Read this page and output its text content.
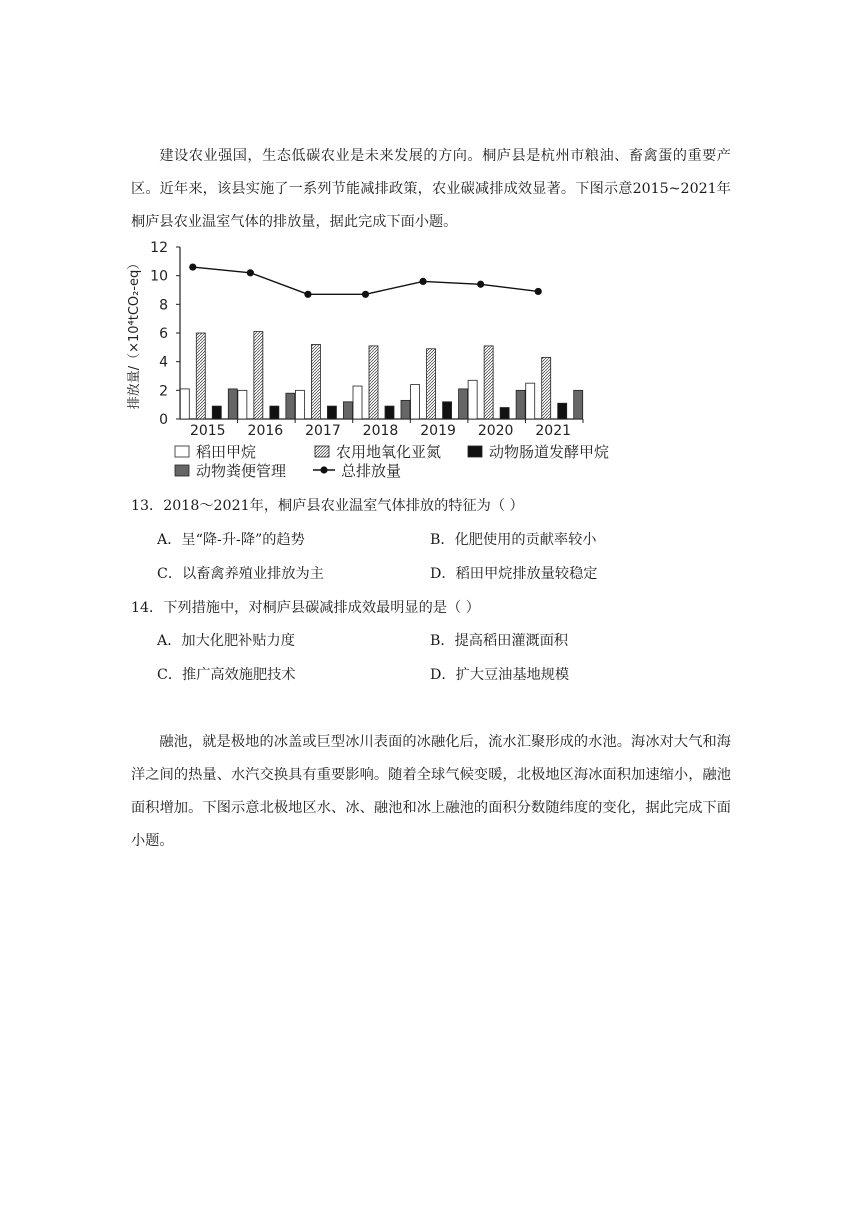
建设农业强国，生态低碳农业是未来发展的方向。桐庐县是杭州市粮油、畜禽蛋的重要产区。近年来，该县实施了一系列节能减排政策，农业碳减排成效显著。下图示意2015~2021年桐庐县农业温室气体的排放量，据此完成下面小题。

0
2
4
6
8
10
12
排放量/（×10⁴tCO₂-eq）
2015 2016 2017 2018 2019 2020 2021
稻田甲烷	农用地氧化亚氮	动物肠道发酵甲烷
动物粪便管理	总排放量
13．2018～2021年，桐庐县农业温室气体排放的特征为（ ）
A．呈“降-升-降”的趋势	B．化肥使用的贡献率较小
C．以畜禽养殖业排放为主	D．稻田甲烷排放量较稳定
14．下列措施中，对桐庐县碳减排成效最明显的是（ ）
A．加大化肥补贴力度	B．提高稻田灌溉面积
C．推广高效施肥技术	D．扩大豆油基地规模

融池，就是极地的冰盖或巨型冰川表面的冰融化后，流水汇聚形成的水池。海冰对大气和海洋之间的热量、水汽交换具有重要影响。随着全球气候变暖，北极地区海冰面积加速缩小，融池面积增加。下图示意北极地区水、冰、融池和冰上融池的面积分数随纬度的变化，据此完成下面小题。
